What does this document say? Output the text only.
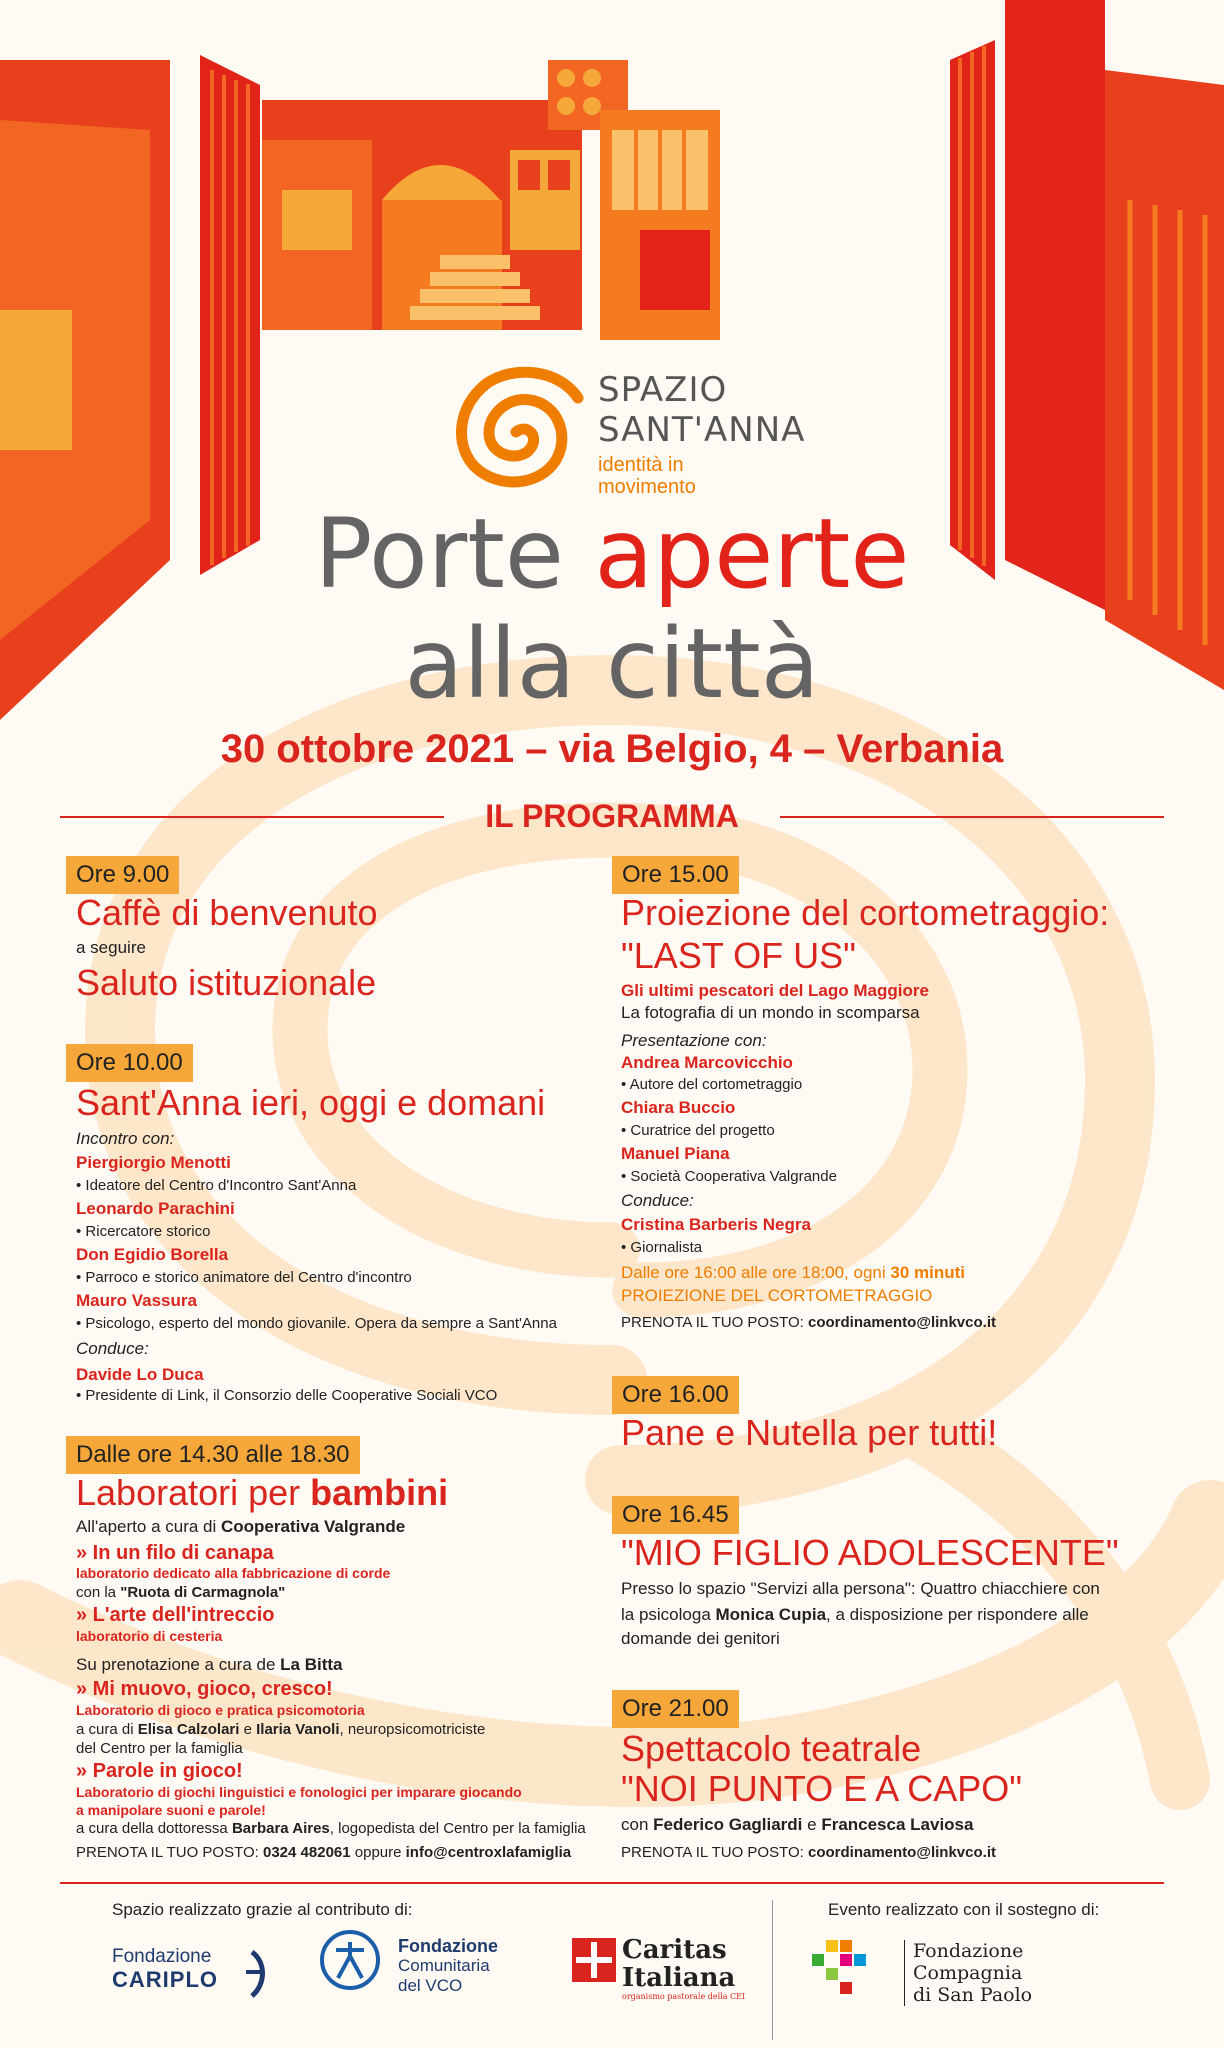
SPAZIO
SANT'ANNA
identità in
movimento
Porte aperte
alla città
30 ottobre 2021 – via Belgio, 4 – Verbania
IL PROGRAMMA
Ore 9.00
Caffè di benvenuto
a seguire
Saluto istituzionale
Ore 10.00
Sant'Anna ieri, oggi e domani
Incontro con:
Piergiorgio Menotti
• Ideatore del Centro d'Incontro Sant'Anna
Leonardo Parachini
• Ricercatore storico
Don Egidio Borella
• Parroco e storico animatore del Centro d'incontro
Mauro Vassura
• Psicologo, esperto del mondo giovanile. Opera da sempre a Sant'Anna
Conduce:
Davide Lo Duca
• Presidente di Link, il Consorzio delle Cooperative Sociali VCO
Dalle ore 14.30 alle 18.30
Laboratori per bambini
All'aperto a cura di Cooperativa Valgrande
» In un filo di canapa
laboratorio dedicato alla fabbricazione di corde
con la "Ruota di Carmagnola"
» L'arte dell'intreccio
laboratorio di cesteria
Su prenotazione a cura de La Bitta
» Mi muovo, gioco, cresco!
Laboratorio di gioco e pratica psicomotoria
a cura di Elisa Calzolari e Ilaria Vanoli, neuropsicomotriciste
del Centro per la famiglia
» Parole in gioco!
Laboratorio di giochi linguistici e fonologici per imparare giocando
a manipolare suoni e parole!
a cura della dottoressa Barbara Aires, logopedista del Centro per la famiglia
PRENOTA IL TUO POSTO: 0324 482061 oppure info@centroxlafamiglia
Ore 15.00
Proiezione del cortometraggio:
"LAST OF US"
Gli ultimi pescatori del Lago Maggiore
La fotografia di un mondo in scomparsa
Presentazione con:
Andrea Marcovicchio
• Autore del cortometraggio
Chiara Buccio
• Curatrice del progetto
Manuel Piana
• Società Cooperativa Valgrande
Conduce:
Cristina Barberis Negra
• Giornalista
Dalle ore 16:00 alle ore 18:00, ogni 30 minuti
PROIEZIONE DEL CORTOMETRAGGIO
PRENOTA IL TUO POSTO: coordinamento@linkvco.it
Ore 16.00
Pane e Nutella per tutti!
Ore 16.45
"MIO FIGLIO ADOLESCENTE"
Presso lo spazio "Servizi alla persona": Quattro chiacchiere con
la psicologa Monica Cupia, a disposizione per rispondere alle
domande dei genitori
Ore 21.00
Spettacolo teatrale
"NOI PUNTO E A CAPO"
con Federico Gagliardi e Francesca Laviosa
PRENOTA IL TUO POSTO: coordinamento@linkvco.it
Spazio realizzato grazie al contributo di:	Evento realizzato con il sostegno di:
Fondazione
CARIPLO
Fondazione
Comunitaria
del VCO
Caritas
Italiana
organismo pastorale della CEI
Fondazione
Compagnia
di San Paolo
